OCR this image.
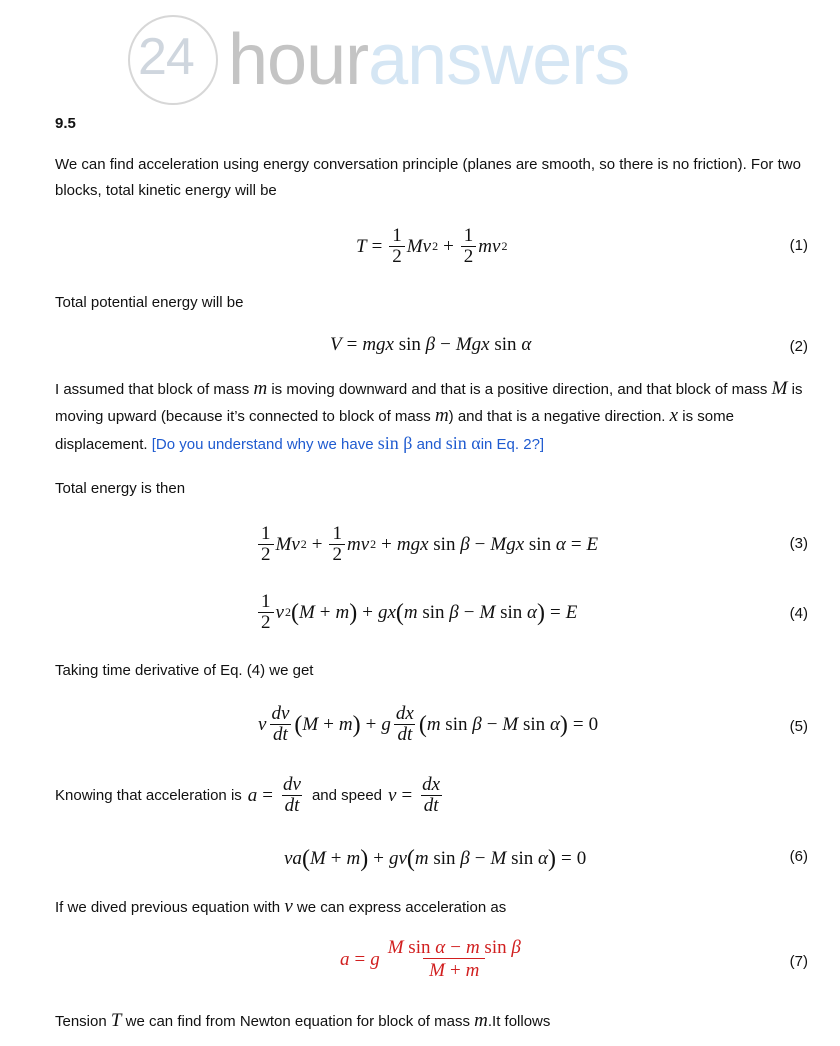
24 houranswers
9.5

We can find acceleration using energy conversation principle (planes are smooth, so there is no friction). For two blocks, total kinetic energy will be

$T = \frac{1}{2}$ Mv $2 + \frac{1}{2}$ mv 2	(1)

Total potential energy will be

V = mgx sin β − Mgx sin α	(2)

I assumed that block of mass m is moving downward and that is a positive direction, and that block of mass M is moving upward (because it’s connected to block of mass m) and that is a negative direction. x is some displacement. [Do you understand why we have sin β and sin αin Eq. 2?]

Total energy is then

$\frac{1}{2}$ Mv $2 + \frac{1}{2}$ mv 2 + mgx sin β − Mgx sin α = E	(3)
$\frac{1}{2}$ v 2 ( M + m ) + gx ( m sin β − M sin α ) = E	(4)

Taking time derivative of Eq. (4) we get

v $\frac{dv}{dt}$ ( M + m ) + g $\frac{dx}{dt}$ ( m sin β − M sin α ) = 0	(5)
Knowing that acceleration is $a = \frac{dv}{dt}$ and speed $v = \frac{dx}{dt}$
va ( M + m ) + gv ( m sin β − M sin α ) = 0	(6)

If we dived previous equation with v we can express acceleration as

a = g $\frac{\text{M sin α − m sin β}}{M + m}$	(7)

Tension T we can find from Newton equation for block of mass m.It follows
